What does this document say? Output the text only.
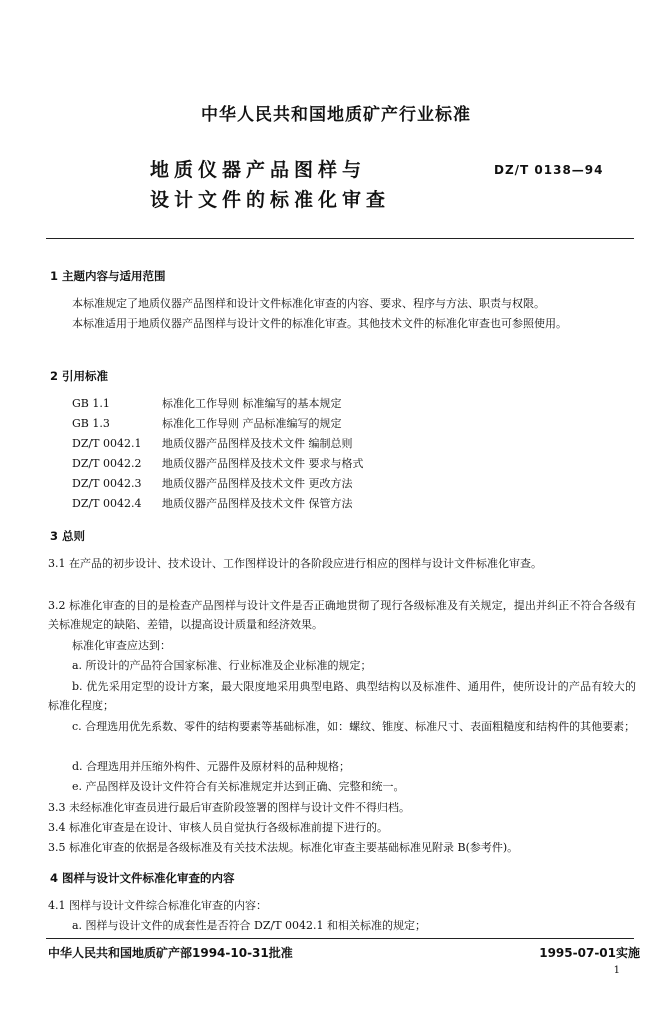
中华人民共和国地质矿产行业标准
地质仪器产品图样与
设计文件的标准化审查
DZ/T 0138—94
1 主题内容与适用范围
本标准规定了地质仪器产品图样和设计文件标准化审查的内容、要求、程序与方法、职责与权限。
本标准适用于地质仪器产品图样与设计文件的标准化审查。其他技术文件的标准化审查也可参照使用。
2 引用标准
GB 1.1	标准化工作导则 标准编写的基本规定
GB 1.3	标准化工作导则 产品标准编写的规定
DZ/T 0042.1 地质仪器产品图样及技术文件 编制总则
DZ/T 0042.2 地质仪器产品图样及技术文件 要求与格式
DZ/T 0042.3 地质仪器产品图样及技术文件 更改方法
DZ/T 0042.4 地质仪器产品图样及技术文件 保管方法
3 总则
3.1 在产品的初步设计、技术设计、工作图样设计的各阶段应进行相应的图样与设计文件标准化审查。
3.2 标准化审查的目的是检查产品图样与设计文件是否正确地贯彻了现行各级标准及有关规定，提出并纠正不符合各级有关标准规定的缺陷、差错，以提高设计质量和经济效果。
标准化审查应达到：
a. 所设计的产品符合国家标准、行业标准及企业标准的规定；
b. 优先采用定型的设计方案，最大限度地采用典型电路、典型结构以及标准件、通用件，使所设计的产品有较大的标准化程度；
c. 合理选用优先系数、零件的结构要素等基础标准，如：螺纹、锥度、标准尺寸、表面粗糙度和结构件的其他要素；
d. 合理选用并压缩外构件、元器件及原材料的品种规格；
e. 产品图样及设计文件符合有关标准规定并达到正确、完整和统一。
3.3 未经标准化审查员进行最后审查阶段签署的图样与设计文件不得归档。
3.4 标准化审查是在设计、审核人员自觉执行各级标准前提下进行的。
3.5 标准化审查的依据是各级标准及有关技术法规。标准化审查主要基础标准见附录 B(参考件)。
4 图样与设计文件标准化审查的内容
4.1 图样与设计文件综合标准化审查的内容：
a. 图样与设计文件的成套性是否符合 DZ/T 0042.1 和相关标准的规定；
中华人民共和国地质矿产部1994-10-31批准	1995-07-01实施
1
